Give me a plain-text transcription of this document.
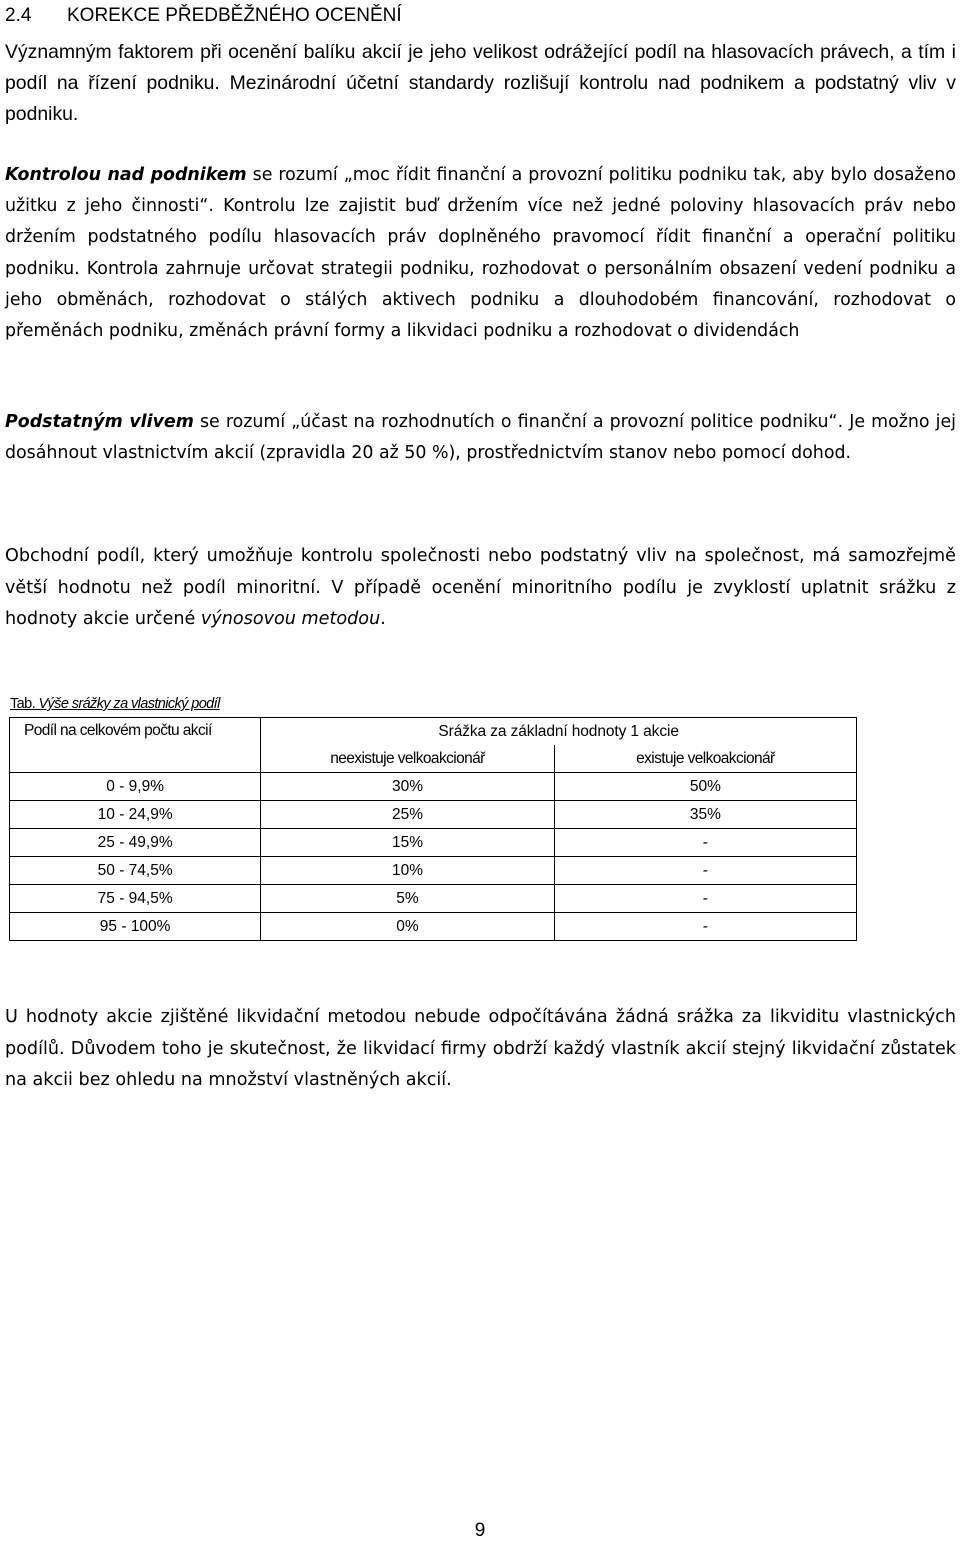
2.4 KOREKCE PŘEDBĚŽNÉHO OCENĚNÍ

Významným faktorem při ocenění balíku akcií je jeho velikost odrážející podíl na hlasovacích právech, a tím i podíl na řízení podniku. Mezinárodní účetní standardy rozlišují kontrolu nad podnikem a podstatný vliv v podniku.

Kontrolou nad podnikem se rozumí „moc řídit finanční a provozní politiku podniku tak, aby bylo dosaženo užitku z jeho činnosti“. Kontrolu lze zajistit buď držením více než jedné poloviny hlasovacích práv nebo držením podstatného podílu hlasovacích práv doplněného pravomocí řídit finanční a operační politiku podniku. Kontrola zahrnuje určovat strategii podniku, rozhodovat o personálním obsazení vedení podniku a jeho obměnách, rozhodovat o stálých aktivech podniku a dlouhodobém financování, rozhodovat o přeměnách podniku, změnách právní formy a likvidaci podniku a rozhodovat o dividendách

Podstatným vlivem se rozumí „účast na rozhodnutích o finanční a provozní politice podniku“. Je možno jej dosáhnout vlastnictvím akcií (zpravidla 20 až 50 %), prostřednictvím stanov nebo pomocí dohod.

Obchodní podíl, který umožňuje kontrolu společnosti nebo podstatný vliv na společnost, má samozřejmě větší hodnotu než podíl minoritní. V případě ocenění minoritního podílu je zvyklostí uplatnit srážku z hodnoty akcie určené výnosovou metodou.

Tab. Výše srážky za vlastnický podíl
Podíl na celkovém počtu akcií	Srážka za základní hodnoty 1 akcie	
	neexistuje velkoakcionář	existuje velkoakcionář
0 - 9,9%	30%	50%
10 - 24,9%	25%	35%
25 - 49,9%	15%	-
50 - 74,5%	10%	-
75 - 94,5%	5%	-
95 - 100%	0%	-

U hodnoty akcie zjištěné likvidační metodou nebude odpočítávána žádná srážka za likviditu vlastnických podílů. Důvodem toho je skutečnost, že likvidací firmy obdrží každý vlastník akcií stejný likvidační zůstatek na akcii bez ohledu na množství vlastněných akcií.

9
